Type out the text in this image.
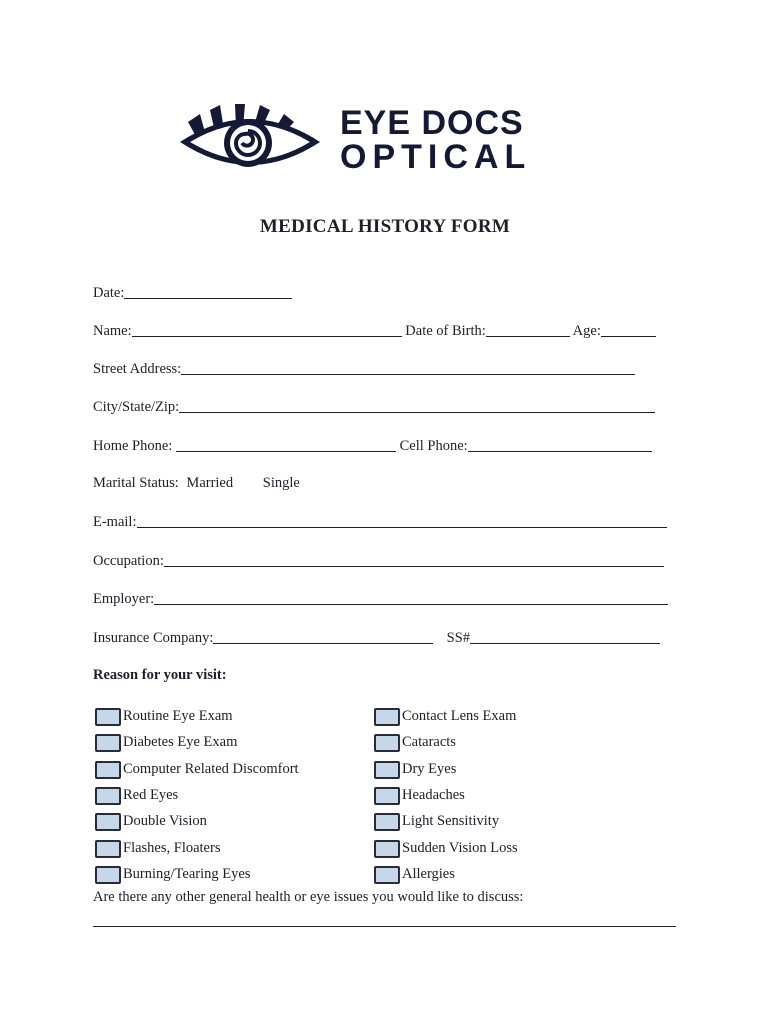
EYE DOCS
OPTICAL
MEDICAL HISTORY FORM
Date:
Name:	Date of Birth:	Age:
Street Address:
City/State/Zip:
Home Phone:	Cell Phone:
Marital Status: Married Single
E-mail:
Occupation:
Employer:
Insurance Company:	SS#
Reason for your visit:
Routine Eye Exam
Diabetes Eye Exam
Computer Related Discomfort
Red Eyes
Double Vision
Flashes, Floaters
Burning/Tearing Eyes
Contact Lens Exam
Cataracts
Dry Eyes
Headaches
Light Sensitivity
Sudden Vision Loss
Allergies
Are there any other general health or eye issues you would like to discuss:
